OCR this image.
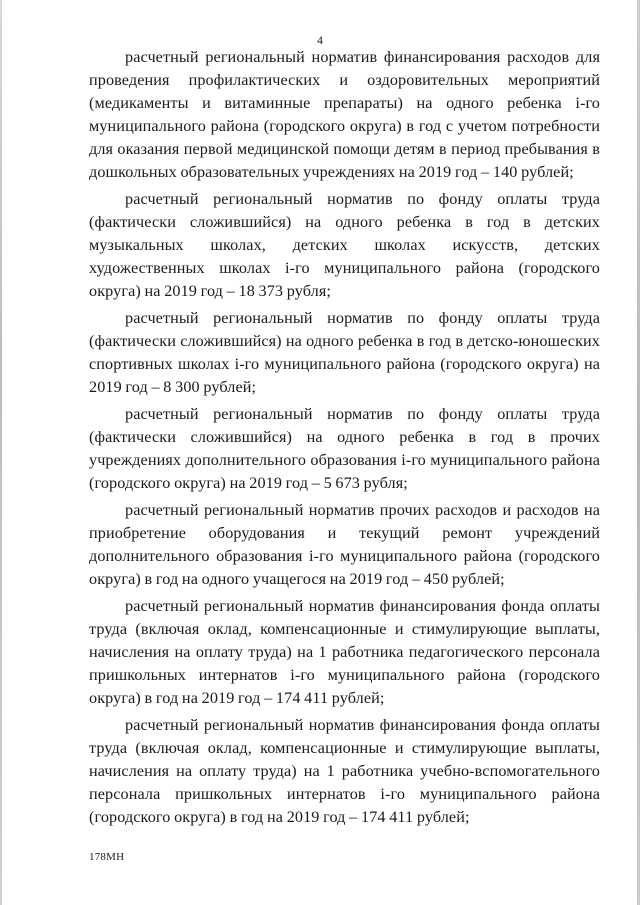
4

расчетный региональный норматив финансирования расходов для проведения профилактических и оздоровительных мероприятий (медикаменты и витаминные препараты) на одного ребенка i-го муниципального района (городского округа) в год с учетом потребности для оказания первой медицинской помощи детям в период пребывания в дошкольных образовательных учреждениях на 2019 год – 140 рублей;

расчетный региональный норматив по фонду оплаты труда (фактически сложившийся) на одного ребенка в год в детских музыкальных школах, детских школах искусств, детских художественных школах i-го муниципального района (городского округа) на 2019 год – 18 373 рубля;

расчетный региональный норматив по фонду оплаты труда (фактически сложившийся) на одного ребенка в год в детско-юношеских спортивных школах i-го муниципального района (городского округа) на 2019 год – 8 300 рублей;

расчетный региональный норматив по фонду оплаты труда (фактически сложившийся) на одного ребенка в год в прочих учреждениях дополнительного образования i-го муниципального района (городского округа) на 2019 год – 5 673 рубля;

расчетный региональный норматив прочих расходов и расходов на приобретение оборудования и текущий ремонт учреждений дополнительного образования i-го муниципального района (городского округа) в год на одного учащегося на 2019 год – 450 рублей;

расчетный региональный норматив финансирования фонда оплаты труда (включая оклад, компенсационные и стимулирующие выплаты, начисления на оплату труда) на 1 работника педагогического персонала пришкольных интернатов i-го муниципального района (городского округа) в год на 2019 год – 174 411 рублей;

расчетный региональный норматив финансирования фонда оплаты труда (включая оклад, компенсационные и стимулирующие выплаты, начисления на оплату труда) на 1 работника учебно-вспомогательного персонала пришкольных интернатов i-го муниципального района (городского округа) в год на 2019 год – 174 411 рублей;

178МН
